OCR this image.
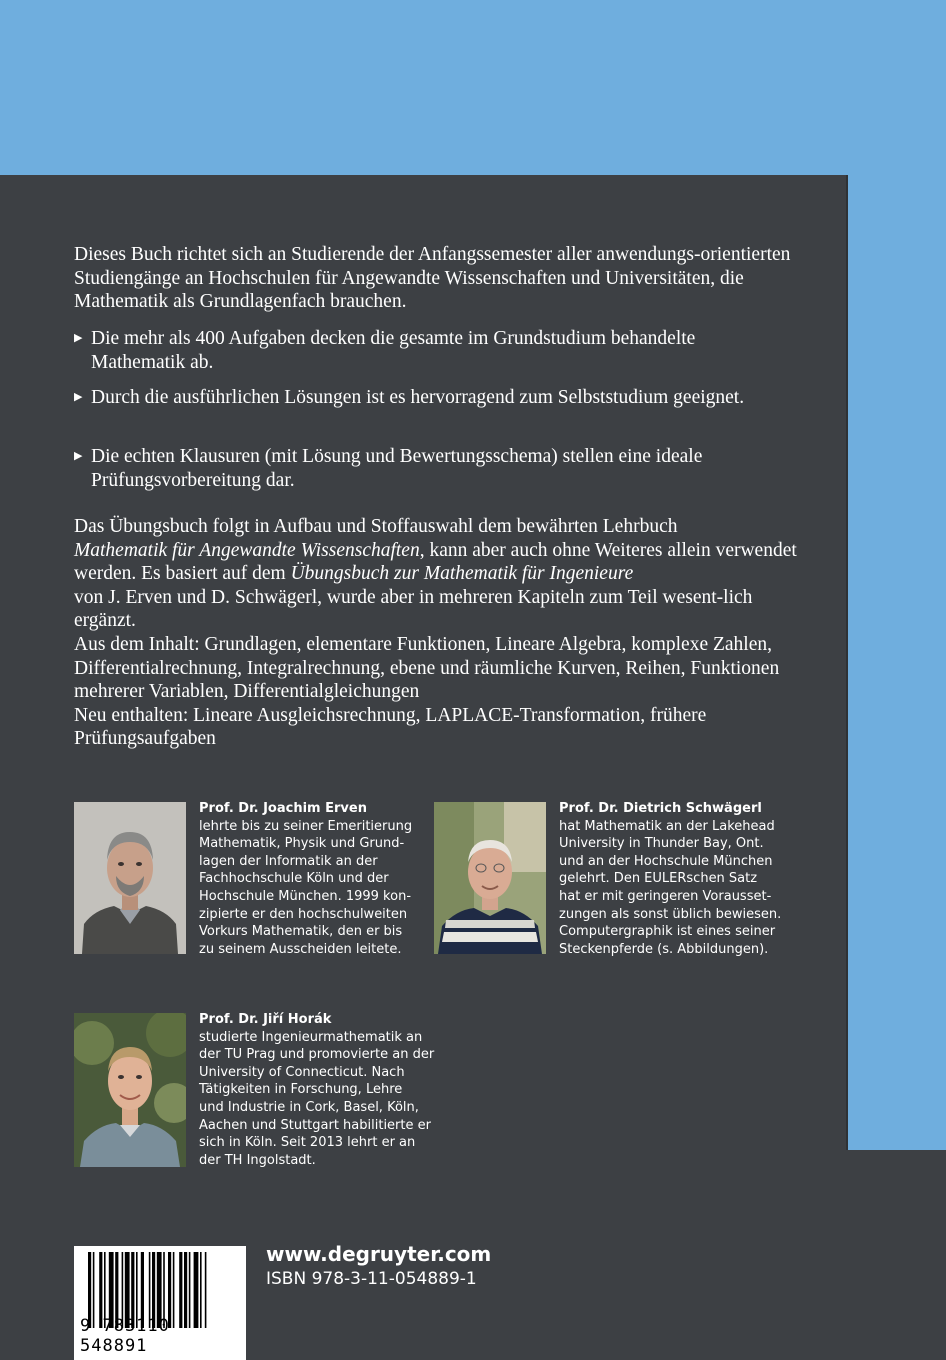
Dieses Buch richtet sich an Studierende der Anfangssemester aller anwendungs-orientierten Studiengänge an Hochschulen für Angewandte Wissenschaften und Universitäten, die Mathematik als Grundlagenfach brauchen.

▶ Die mehr als 400 Aufgaben decken die gesamte im Grundstudium behandelte Mathematik ab.
▶ Durch die ausführlichen Lösungen ist es hervorragend zum Selbststudium geeignet.
▶ Die echten Klausuren (mit Lösung und Bewertungsschema) stellen eine ideale Prüfungsvorbereitung dar.

Das Übungsbuch folgt in Aufbau und Stoffauswahl dem bewährten Lehrbuch
Mathematik für Angewandte Wissenschaften, kann aber auch ohne Weiteres allein verwendet werden. Es basiert auf dem Übungsbuch zur Mathematik für Ingenieure
von J. Erven und D. Schwägerl, wurde aber in mehreren Kapiteln zum Teil wesent-lich ergänzt.

Aus dem Inhalt: Grundlagen, elementare Funktionen, Lineare Algebra, komplexe Zahlen, Differentialrechnung, Integralrechnung, ebene und räumliche Kurven, Reihen, Funktionen mehrerer Variablen, Differentialgleichungen

Neu enthalten: Lineare Ausgleichsrechnung, LAPLACE-Transformation, frühere Prüfungsaufgaben

Prof. Dr. Joachim Erven
lehrte bis zu seiner Emeritierung
Mathematik, Physik und Grund-
lagen der Informatik an der
Fachhochschule Köln und der
Hochschule München. 1999 kon-
zipierte er den hochschulweiten
Vorkurs Mathematik, den er bis
zu seinem Ausscheiden leitete.
Prof. Dr. Dietrich Schwägerl
hat Mathematik an der Lakehead
University in Thunder Bay, Ont.
und an der Hochschule München
gelehrt. Den EULERschen Satz
hat er mit geringeren Vorausset-
zungen als sonst üblich bewiesen.
Computergraphik ist eines seiner
Steckenpferde (s. Abbildungen).
Prof. Dr. Jiří Horák
studierte Ingenieurmathematik an
der TU Prag und promovierte an der
University of Connecticut. Nach
Tätigkeiten in Forschung, Lehre
und Industrie in Cork, Basel, Köln,
Aachen und Stuttgart habilitierte er
sich in Köln. Seit 2013 lehrt er an
der TH Ingolstadt.
9 783110 548891
www.degruyter.com
ISBN 978-3-11-054889-1
